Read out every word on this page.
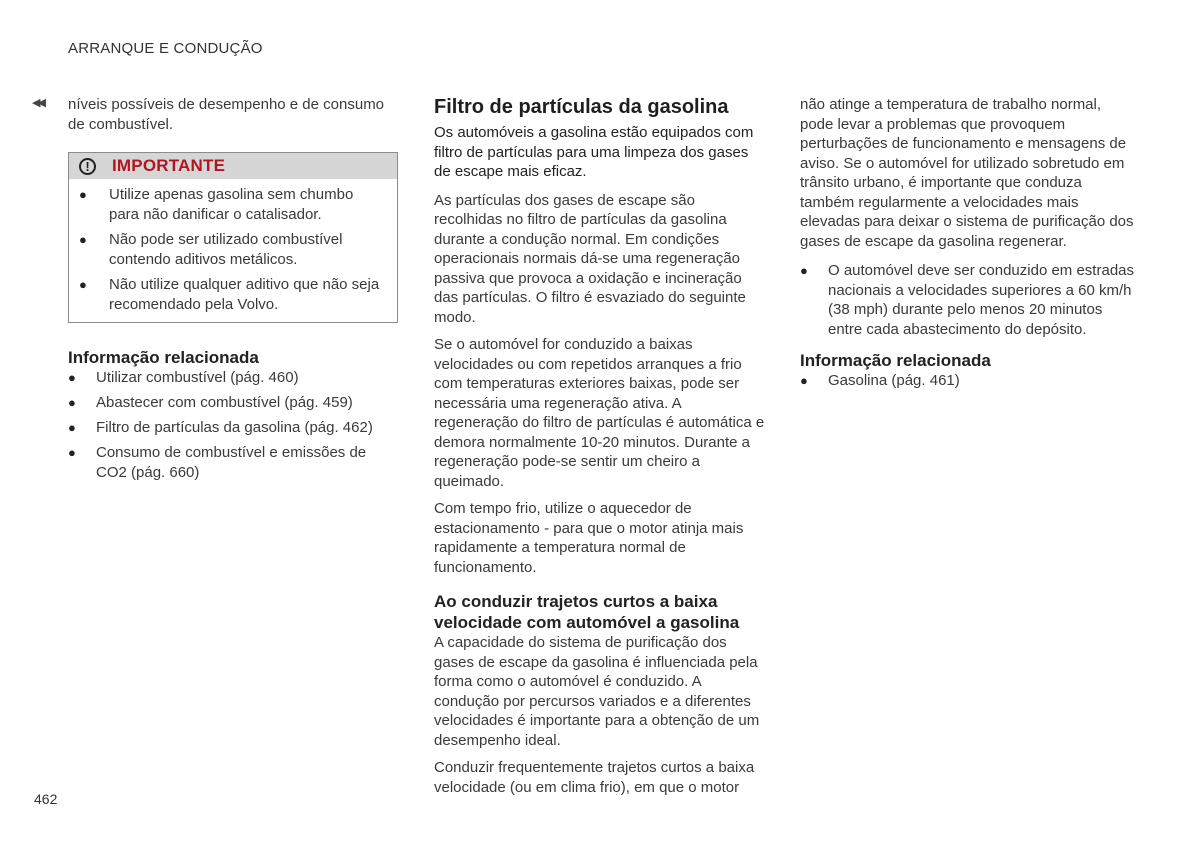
ARRANQUE E CONDUÇÃO
◀◀ níveis possíveis de desempenho e de consumo de combustível.

!	IMPORTANTE
● Utilize apenas gasolina sem chumbo para não danificar o catalisador.
● Não pode ser utilizado combustível contendo aditivos metálicos.
● Não utilize qualquer aditivo que não seja recomendado pela Volvo.
Informação relacionada
● Utilizar combustível (pág. 460)
● Abastecer com combustível (pág. 459)
● Filtro de partículas da gasolina (pág. 462)
● Consumo de combustível e emissões de CO2 (pág. 660)
Filtro de partículas da gasolina

Os automóveis a gasolina estão equipados com filtro de partículas para uma limpeza dos gases de escape mais eficaz.

As partículas dos gases de escape são recolhidas no filtro de partículas da gasolina durante a condução normal. Em condições operacionais normais dá-se uma regeneração passiva que provoca a oxidação e incineração das partículas. O filtro é esvaziado do seguinte modo.

Se o automóvel for conduzido a baixas velocidades ou com repetidos arranques a frio com temperaturas exteriores baixas, pode ser necessária uma regeneração ativa. A regeneração do filtro de partículas é automática e demora normalmente 10-20 minutos. Durante a regeneração pode-se sentir um cheiro a queimado.

Com tempo frio, utilize o aquecedor de estacionamento - para que o motor atinja mais rapidamente a temperatura normal de funcionamento.

Ao conduzir trajetos curtos a baixa velocidade com automóvel a gasolina

A capacidade do sistema de purificação dos gases de escape da gasolina é influenciada pela forma como o automóvel é conduzido. A condução por percursos variados e a diferentes velocidades é importante para a obtenção de um desempenho ideal.

Conduzir frequentemente trajetos curtos a baixa velocidade (ou em clima frio), em que o motor

não atinge a temperatura de trabalho normal, pode levar a problemas que provoquem perturbações de funcionamento e mensagens de aviso. Se o automóvel for utilizado sobretudo em trânsito urbano, é importante que conduza também regularmente a velocidades mais elevadas para deixar o sistema de purificação dos gases de escape da gasolina regenerar.

● O automóvel deve ser conduzido em estradas nacionais a velocidades superiores a 60 km/h (38 mph) durante pelo menos 20 minutos entre cada abastecimento do depósito.
Informação relacionada
● Gasolina (pág. 461)
462
